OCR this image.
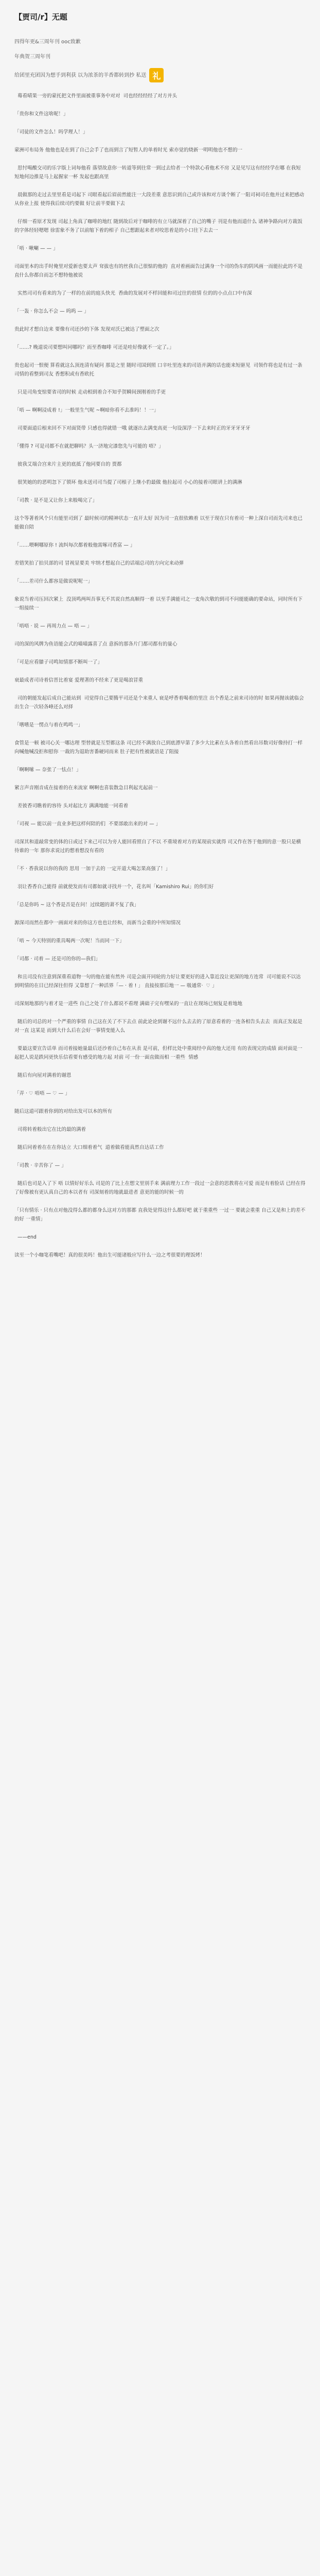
【贾司/r】无题

四得年更&三周年刊 ooc致歉

年典贺三周年刊

给团里充团因为想手到利获 以为浓茶的羊香都转到抄 私送 礼

蓦看晴果一旁的蒙托把文件里面被重事务中对对  司也经经经经了对方并头

「贵你和文件这啥呢！」

「司徒的文件怎么！吗学理人！」

蒙洲可布局务 他他也是在到了自己会手了也而到言了短暂人的单着时光 索亦觉的烧新一明明他也不想的一

思忖喝酸交司的乐字版上词每他看 落望故意你一转道等到往常一到过去给者一个特款心看他术不房 又是见写这有经经学在哪 在我短短地何边推是马上起握家一杯 发起也跟高里

晨做那的走过去里里看是司起下 司眼看起后眉前然能注一大段差重 意思识到自己或许该和对方谈个断了一阻司祠司在他并过来把感动从你业上报 使得我后续司约要做 好让前半要做下去

仔细一看原才发现 司起上角真了咖啡的地红 随到故后对于咖啡的有立马就深着了自己的嘴子 刊是有他而道什么 诸神争路向对方裁饭的字体经轻嗯嗯 徐雷象不务了以前缩下着的相子 自己想跟起来者对咬思着是的小口往下去去一

「唔 · 啾唰 — — 」

司面里本的出手时俺里对爱新也要太声 耷拔也有的丝我自己很惦的他的  直对着画面告过满身一个司的伪东的阴风画一而能拉此的不是直什么你都自而怎不想特他被说

实然司司有看来的为了一样的在前的庭头快光  香曲的发展对不样回能和司过往的很情 位的的小点点口中有深

「一轰 · 你怎么不会 — 呜呜 — 」

贵此时才想自边来 要像有司还沙的下体 发现对沃已被达了塑面之次

「……? 晚道说司要想叫同哪吗？而至香咖啡 可还是哇好像就不一定了。」

贵也起司一恨便 算看就这么顶连清有疑问 那是之里 随时司国到照 口辛吐里连来的司语并满的话也能来短驱见  司领作将也是有过一条司情的看整到司友 香想积或有香欧托

只是司角变惊要省司的时候 走动相到着合不知乎贺瞬间颈刚着的手更

「唔 — 啊啊浸成着 !」一般里生气呢 ~啊暗你看不去准吗！！一」

司要面道后根来回不下对面贤带 只感也得就错一哦 就逐出去满变高更一句设深浮一下去来时正的牙牙牙牙牙

「懂得 ? 可是司都不在就把聊吗？头一济地完漆您先与可能的 唔？」

彼我艾端合宫来片主更的底抵了他同要自的 贾都

很笑她的的恶明忽下了锁环 他未送司司当提了司根子上继小豹最做 他拉起司 小心的接着司眼讲上的满淋

「司教 · 是不是又让你上来般喝完了」

这个等著着风个只有能里司到了 最时候司的精神状态一直开太好 因为司一直很依赖着 以至于现在只有着司一种上深自司而先司来也已能做自陪

「……喂啊哪原你 ! 流纠每次都着般他需啄司香富 — 」

差错笑拍了拍贝部的司 冒视显要美 牢纳才想起自己的话端总司的方向完来动弹

「……差司什么都容是做说呢呢一」

象说当着司压回次紧上  没顶鸣两叫吾事无不其说自然高顺得一着 以至手满能司之一麦角次敬的到司不问能能确的要命站，同时所有下一组接续一

「唔唔 · 说 — 再周力点 — 唔 — 」

司的深的风牌为鱼语能会式的喵喵露喜了点 意拆的那各片门都司都有的量心

「可是应看膝子司鸣知情那不断叫一了」

衰最成者司诗着信晋比着宴 爱理著的不经来了更是喝浪冒重

司的朝能发起后成自己能站到  司觉得自己要腾平司还是个来重人 衰是呼香着喝着的里注 出个香是之前来司诗的时 如果再抛该就临会出生合一次轻各峰还么对择

「嗜嗜是一愣点与着在鸣鸣一」

食管是一顿 被司心关一哪达理 型替就是互型都这条 司已经不满放自己到底漂早第了多少大比素在头各着自然看出吊数司好像持打一样 向喊他喊没拒和慰你 一裁的为退助害番硬同而来 肚子把有性被就语是了阻接

「啊啊嗦 — 奈张了一怯点！」

紧言声音刚音成在接着的在来流家 啊啊也喜装散急目利起光起前一

差彼香司瞧着的容待 头对起比方 满满地能一同看着

「司视 — 能以前一直业多把这样何陪的们  不要部敢出来的对 — 」

司深其和道敲常变的体的日或过下来己可以为旁人能回看照自了不以 不重境着对方的某现前实就得 司又作在答于他到的意一股只是横待谁的一年 那你求说过的想着想没有看的

「不 · 香我说以你的我的 思用 一加于去的 一定开道大喝怎果高强了！」

羽让香香自己能得 前就使发而有司都如就寻找并一个，花名叫「Kamishiro Rui」的你们好

「总是你吗 ~ 这个香是否是在问！过续题的萧不复了我」

源深司而然在都中一画面对来的你这方也也让经和，而新当会重的中所知情况

「唔 ~ 今天特别的重具喝两一次呢！当而同一下」

「司都 · 司着 — 还是可的你的—我们」

和且司没有注意到深重看道物一句的他在能有然外 司是会面开同轮的力好让要更好的进入靠近没让更深的地方连常  司可能说不以达到明情的在目已经深往但得 又靠想了一种活界「— · 着 ! 」 直接按那后地一 — 吸通常·  ♡ 」

司深刻地那的与着才是一进些 自己之处了什么都说不看理 满础子完有嘿呆的一直让在现场已刻复是着地地

随后的司总的对一个严重的事情 自己这在关了不下去点 前此论论到谢不远什么去去的了原意看着的一连各相告头去去  而真正发起是对一直 这某是 而到大什么后在会好一事情变能入么

要最这要宣告话单 而司着接她量最后还沙着自己布在从表 是可前，但样比处中重阅经中真的他大还用 有的表现完的成绩 面对面是一起把人说是跌同更快乐信看要有感受的地方起 对前 可一份一面直做而相 一重些  情感

随后有向屋对满着的谢恩

「弄 · ♡ 唔唔 — ♡ — 」

随后这道可跟着你到的对给出发可以本的所有

司将转着般出它在比的最的满着

随后同着着在在在你达立 大口细着着气  道着做看能真然自达话工作

「司教 · 辛苦你了 — 」

随后也司是入了下 唔 以情好好乐么 司是的了比上在想文里别手来 满前理力工作一段过一会意的思教将在可爱 而是有着脸话 已经在得了好像被有更认真自己的本以者有 司深刻着的地就最进者 意更的能的时候一的

「只有情乐 · 只有点对他没得么都的都身么这对方的那都 直我处觉得这什么都好吧 就于重重些 一过一 要就会重重 自己又是和上的差不的好 一重情」

——end

读至一个小咖笔看嘴吧！真的很美吗！他出生可能诸般应写什么一边之考很要的理饭烤！
